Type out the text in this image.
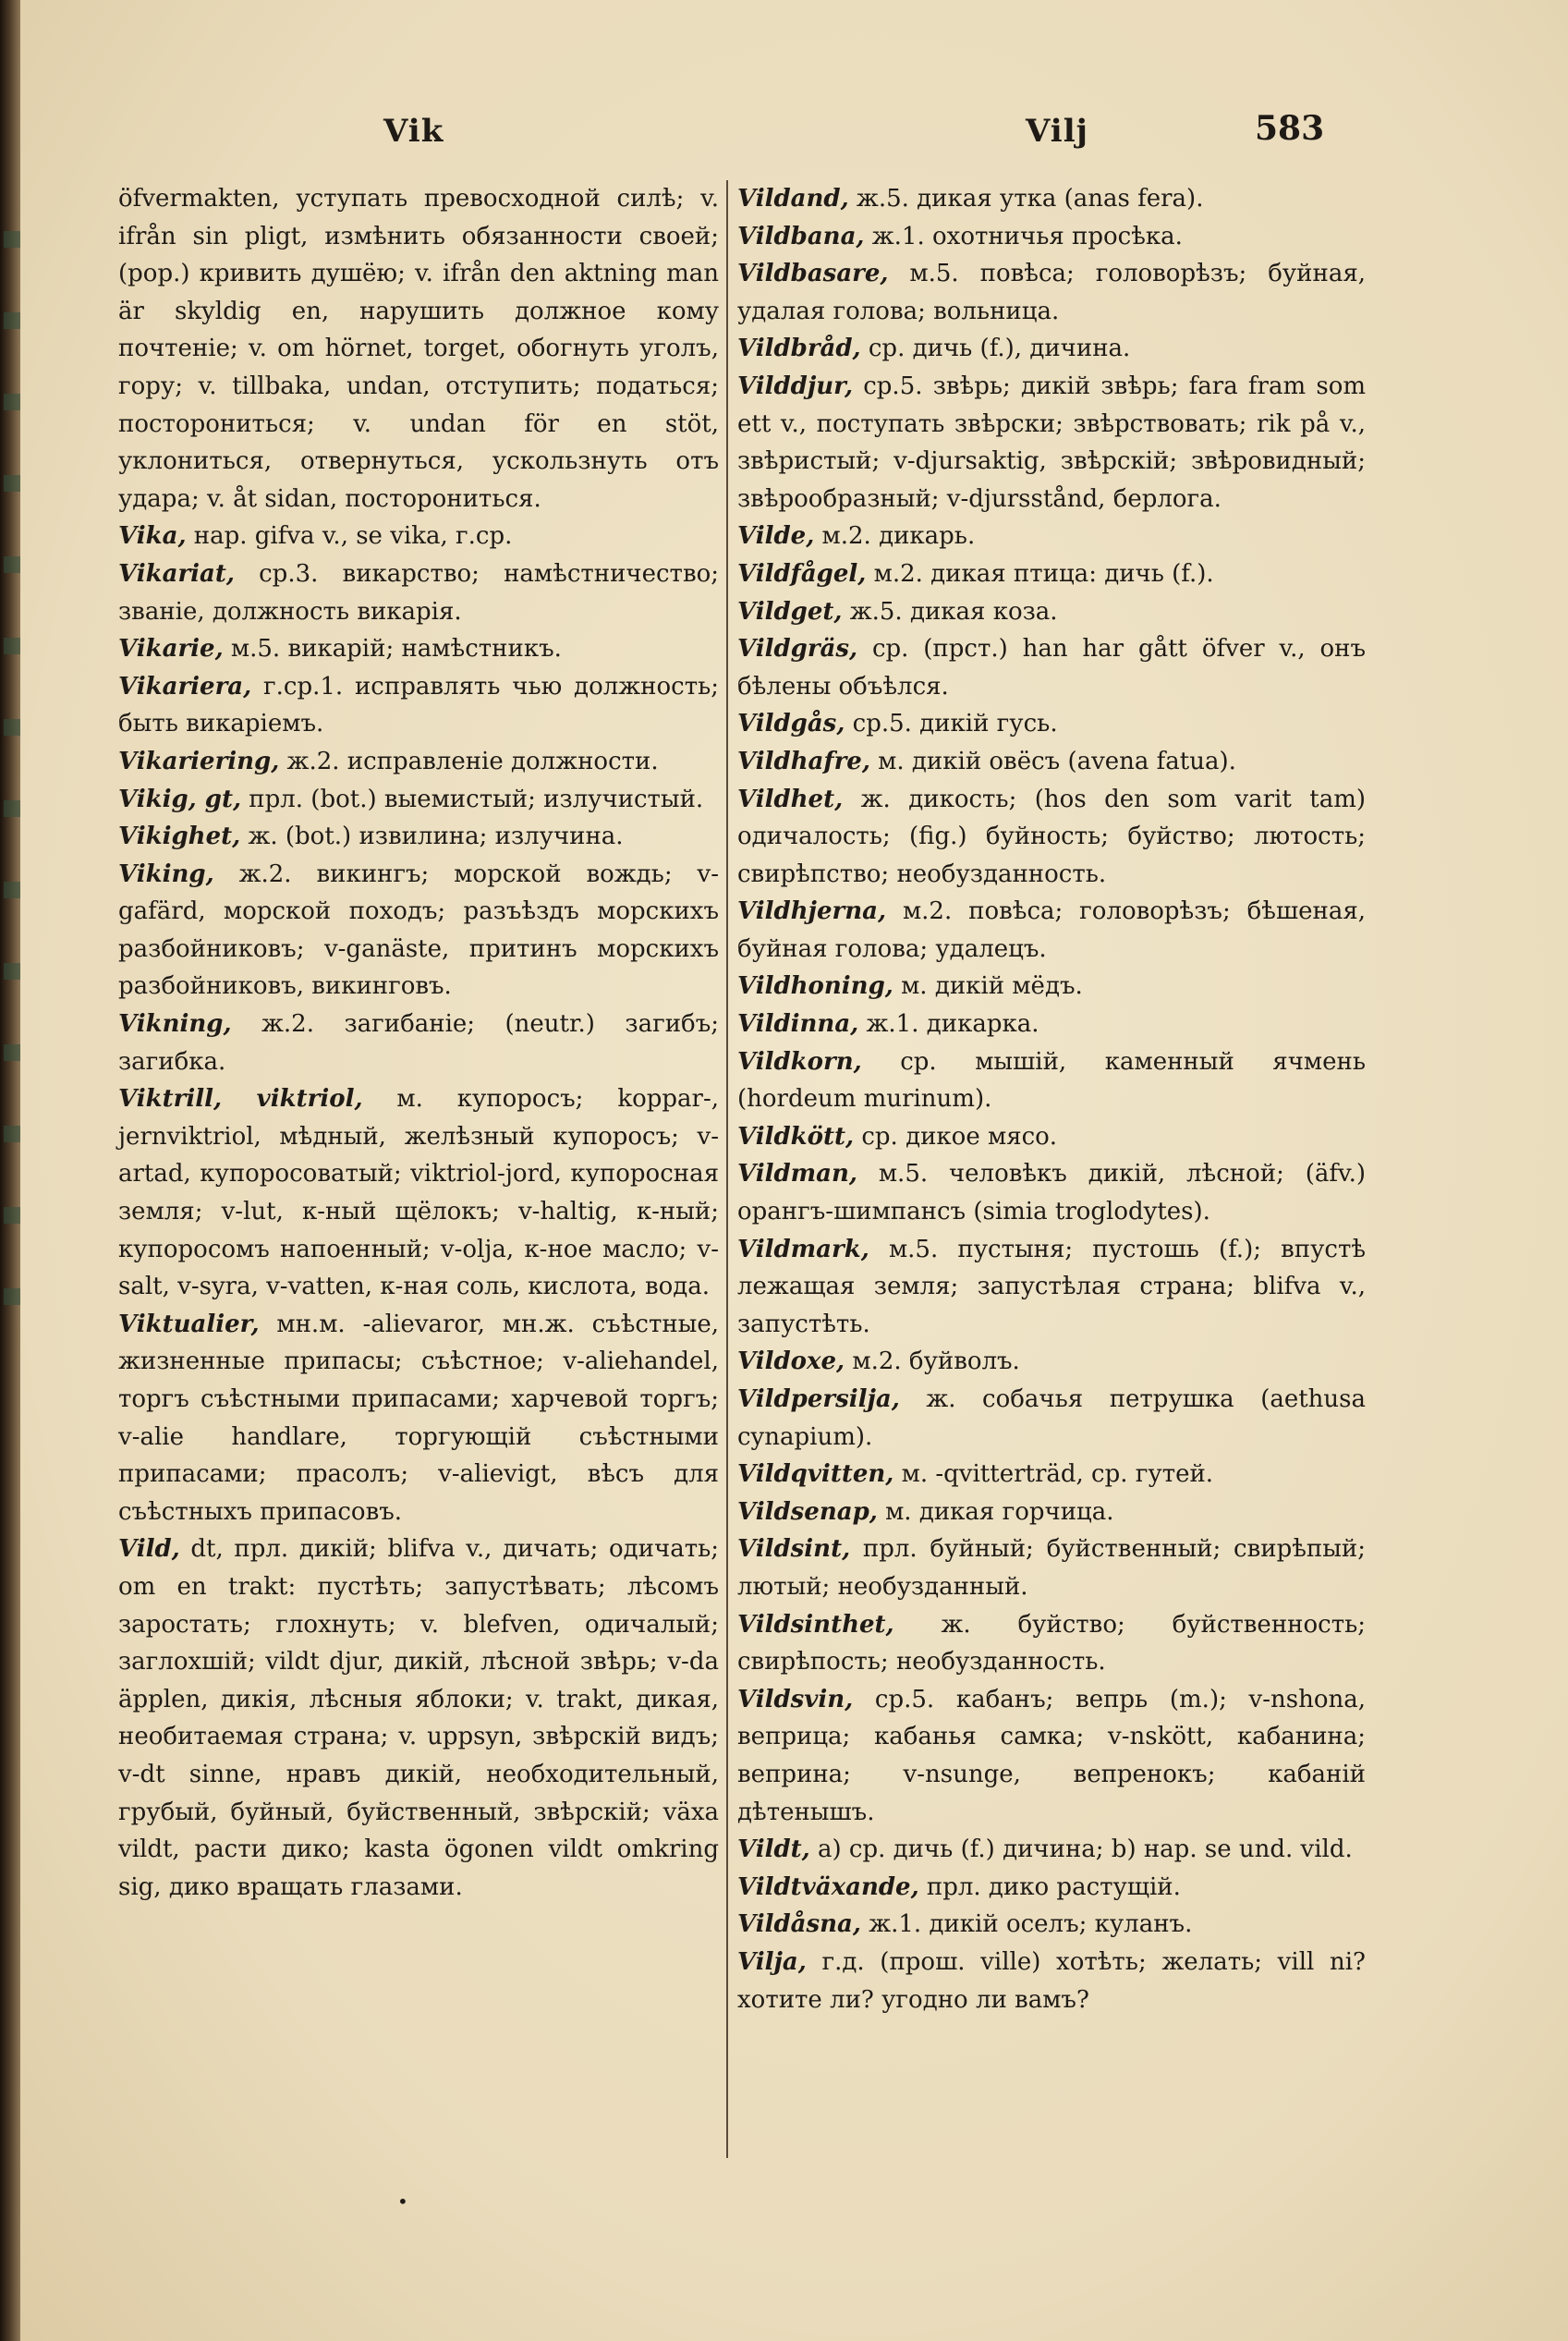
Vik	Vilj	583

öfvermakten, уступать превосходной силѣ; v. ifrån sin pligt, измѣнить обязанности своей; (рор.) кривить душёю; v. ifrån den aktning man är skyldig en, нарушить должное кому почтеніе; v. om hörnet, torget, обогнуть уголъ, гору; v. tillbaka, undan, отступить; податься; посторониться; v. undan för en stöt, уклониться, отвернуться, ускользнуть отъ удара; v. åt sidan, посторониться.

Vika, нар. gifva v., se vika, г.ср.

Vikariat, ср.3. викарство; намѣстничество; званіе, должность викарія.

Vikarie, м.5. викарій; намѣстникъ.

Vikariera, г.ср.1. исправлять чью должность; быть викаріемъ.

Vikariering, ж.2. исправленіе должности.

Vikig, gt, прл. (bot.) выемистый; излучистый.

Vikighet, ж. (bot.) извилина; излучина.

Viking, ж.2. викингъ; морской вождь; v-gafärd, морской походъ; разъѣздъ морскихъ разбойниковъ; v-ganäste, притинъ морскихъ разбойниковъ, викинговъ.

Vikning, ж.2. загибаніе; (neutr.) загибъ; загибка.

Viktrill, viktriol, м. купоросъ; koppar-, jernviktriol, мѣдный, желѣзный купоросъ; v-artad, купоросоватый; viktriol-jord, купоросная земля; v-lut, к-ный щёлокъ; v-haltig, к-ный; купоросомъ напоенный; v-olja, к-ное масло; v-salt, v-syra, v-vatten, к-ная соль, кислота, вода.

Viktualier, мн.м. -alievaror, мн.ж. съѣстные, жизненные припасы; съѣстное; v-aliehandel, торгъ съѣстными припасами; харчевой торгъ; v-alie handlare, торгующій съѣстными припасами; прасолъ; v-alievigt, вѣсъ для съѣстныхъ припасовъ.

Vild, dt, прл. дикій; blifva v., дичать; одичать; om en trakt: пустѣть; запустѣвать; лѣсомъ заростать; глохнуть; v. blefven, одичалый; заглохшій; vildt djur, дикій, лѣсной звѣрь; v-da äpplen, дикія, лѣсныя яблоки; v. trakt, дикая, необитаемая страна; v. uppsyn, звѣрскій видъ; v-dt sinne, нравъ дикій, необходительный, грубый, буйный, буйственный, звѣрскій; växa vildt, расти дико; kasta ögonen vildt omkring sig, дико вращать глазами.

Vildand, ж.5. дикая утка (anas fera).

Vildbana, ж.1. охотничья просѣка.

Vildbasare, м.5. повѣса; головорѣзъ; буйная, удалая голова; вольница.

Vildbråd, ср. дичь (f.), дичина.

Vilddjur, ср.5. звѣрь; дикій звѣрь; fara fram som ett v., поступать звѣрски; звѣрствовать; rik på v., звѣристый; v-djursaktig, звѣрскій; звѣровидный; звѣрообразный; v-djursstånd, берлога.

Vilde, м.2. дикарь.

Vildfågel, м.2. дикая птица: дичь (f.).

Vildget, ж.5. дикая коза.

Vildgräs, ср. (прст.) han har gått öfver v., онъ бѣлены объѣлся.

Vildgås, ср.5. дикій гусь.

Vildhafre, м. дикій овёсъ (avena fatua).

Vildhet, ж. дикость; (hos den som varit tam) одичалость; (fig.) буйность; буйство; лютость; свирѣпство; необузданность.

Vildhjerna, м.2. повѣса; головорѣзъ; бѣшеная, буйная голова; удалецъ.

Vildhoning, м. дикій мёдъ.

Vildinna, ж.1. дикарка.

Vildkorn, ср. мышій, каменный ячмень (hordeum murinum).

Vildkött, ср. дикое мясо.

Vildman, м.5. человѣкъ дикій, лѣсной; (äfv.) орангъ-шимпансъ (simia troglodytes).

Vildmark, м.5. пустыня; пустошь (f.); впустѣ лежащая земля; запустѣлая страна; blifva v., запустѣть.

Vildoxe, м.2. буйволъ.

Vildpersilja, ж. собачья петрушка (aethusa cynapium).

Vildqvitten, м. -qvitterträd, ср. гутей.

Vildsenap, м. дикая горчица.

Vildsint, прл. буйный; буйственный; свирѣпый; лютый; необузданный.

Vildsinthet, ж. буйство; буйственность; свирѣпость; необузданность.

Vildsvin, ср.5. кабанъ; вепрь (m.); v-nshona, веприца; кабанья самка; v-nskött, кабанина; веприна; v-nsunge, вепренокъ; кабаній дѣтенышъ.

Vildt, a) ср. дичь (f.) дичина; b) нар. se und. vild.

Vildtväxande, прл. дико растущій.

Vildåsna, ж.1. дикій оселъ; куланъ.

Vilja, г.д. (прош. ville) хотѣть; желать; vill ni? хотите ли? угодно ли вамъ?

•
